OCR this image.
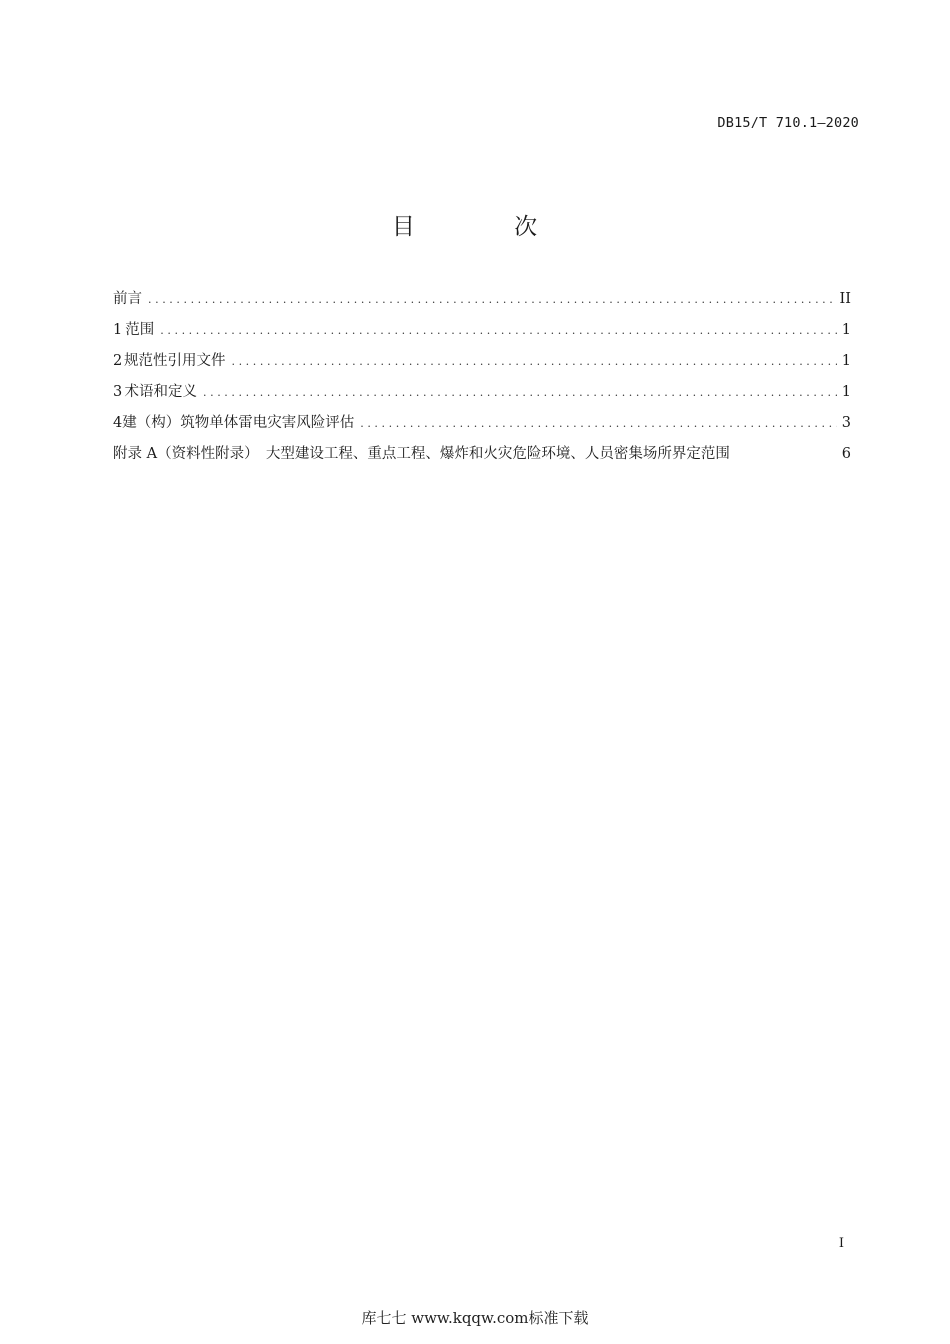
DB15/T 710.1—2020
目 次
前言 .....	II
1 范围 .....	1
2 规范性引用文件 .....	1
3 术语和定义 .....	1
4 建（构）筑物单体雷电灾害风险评估 .....	3
附录 A（资料性附录）　大型建设工程、重点工程、爆炸和火灾危险环境、人员密集场所界定范围	6
I
库七七 www.kqqw.com标准下载
